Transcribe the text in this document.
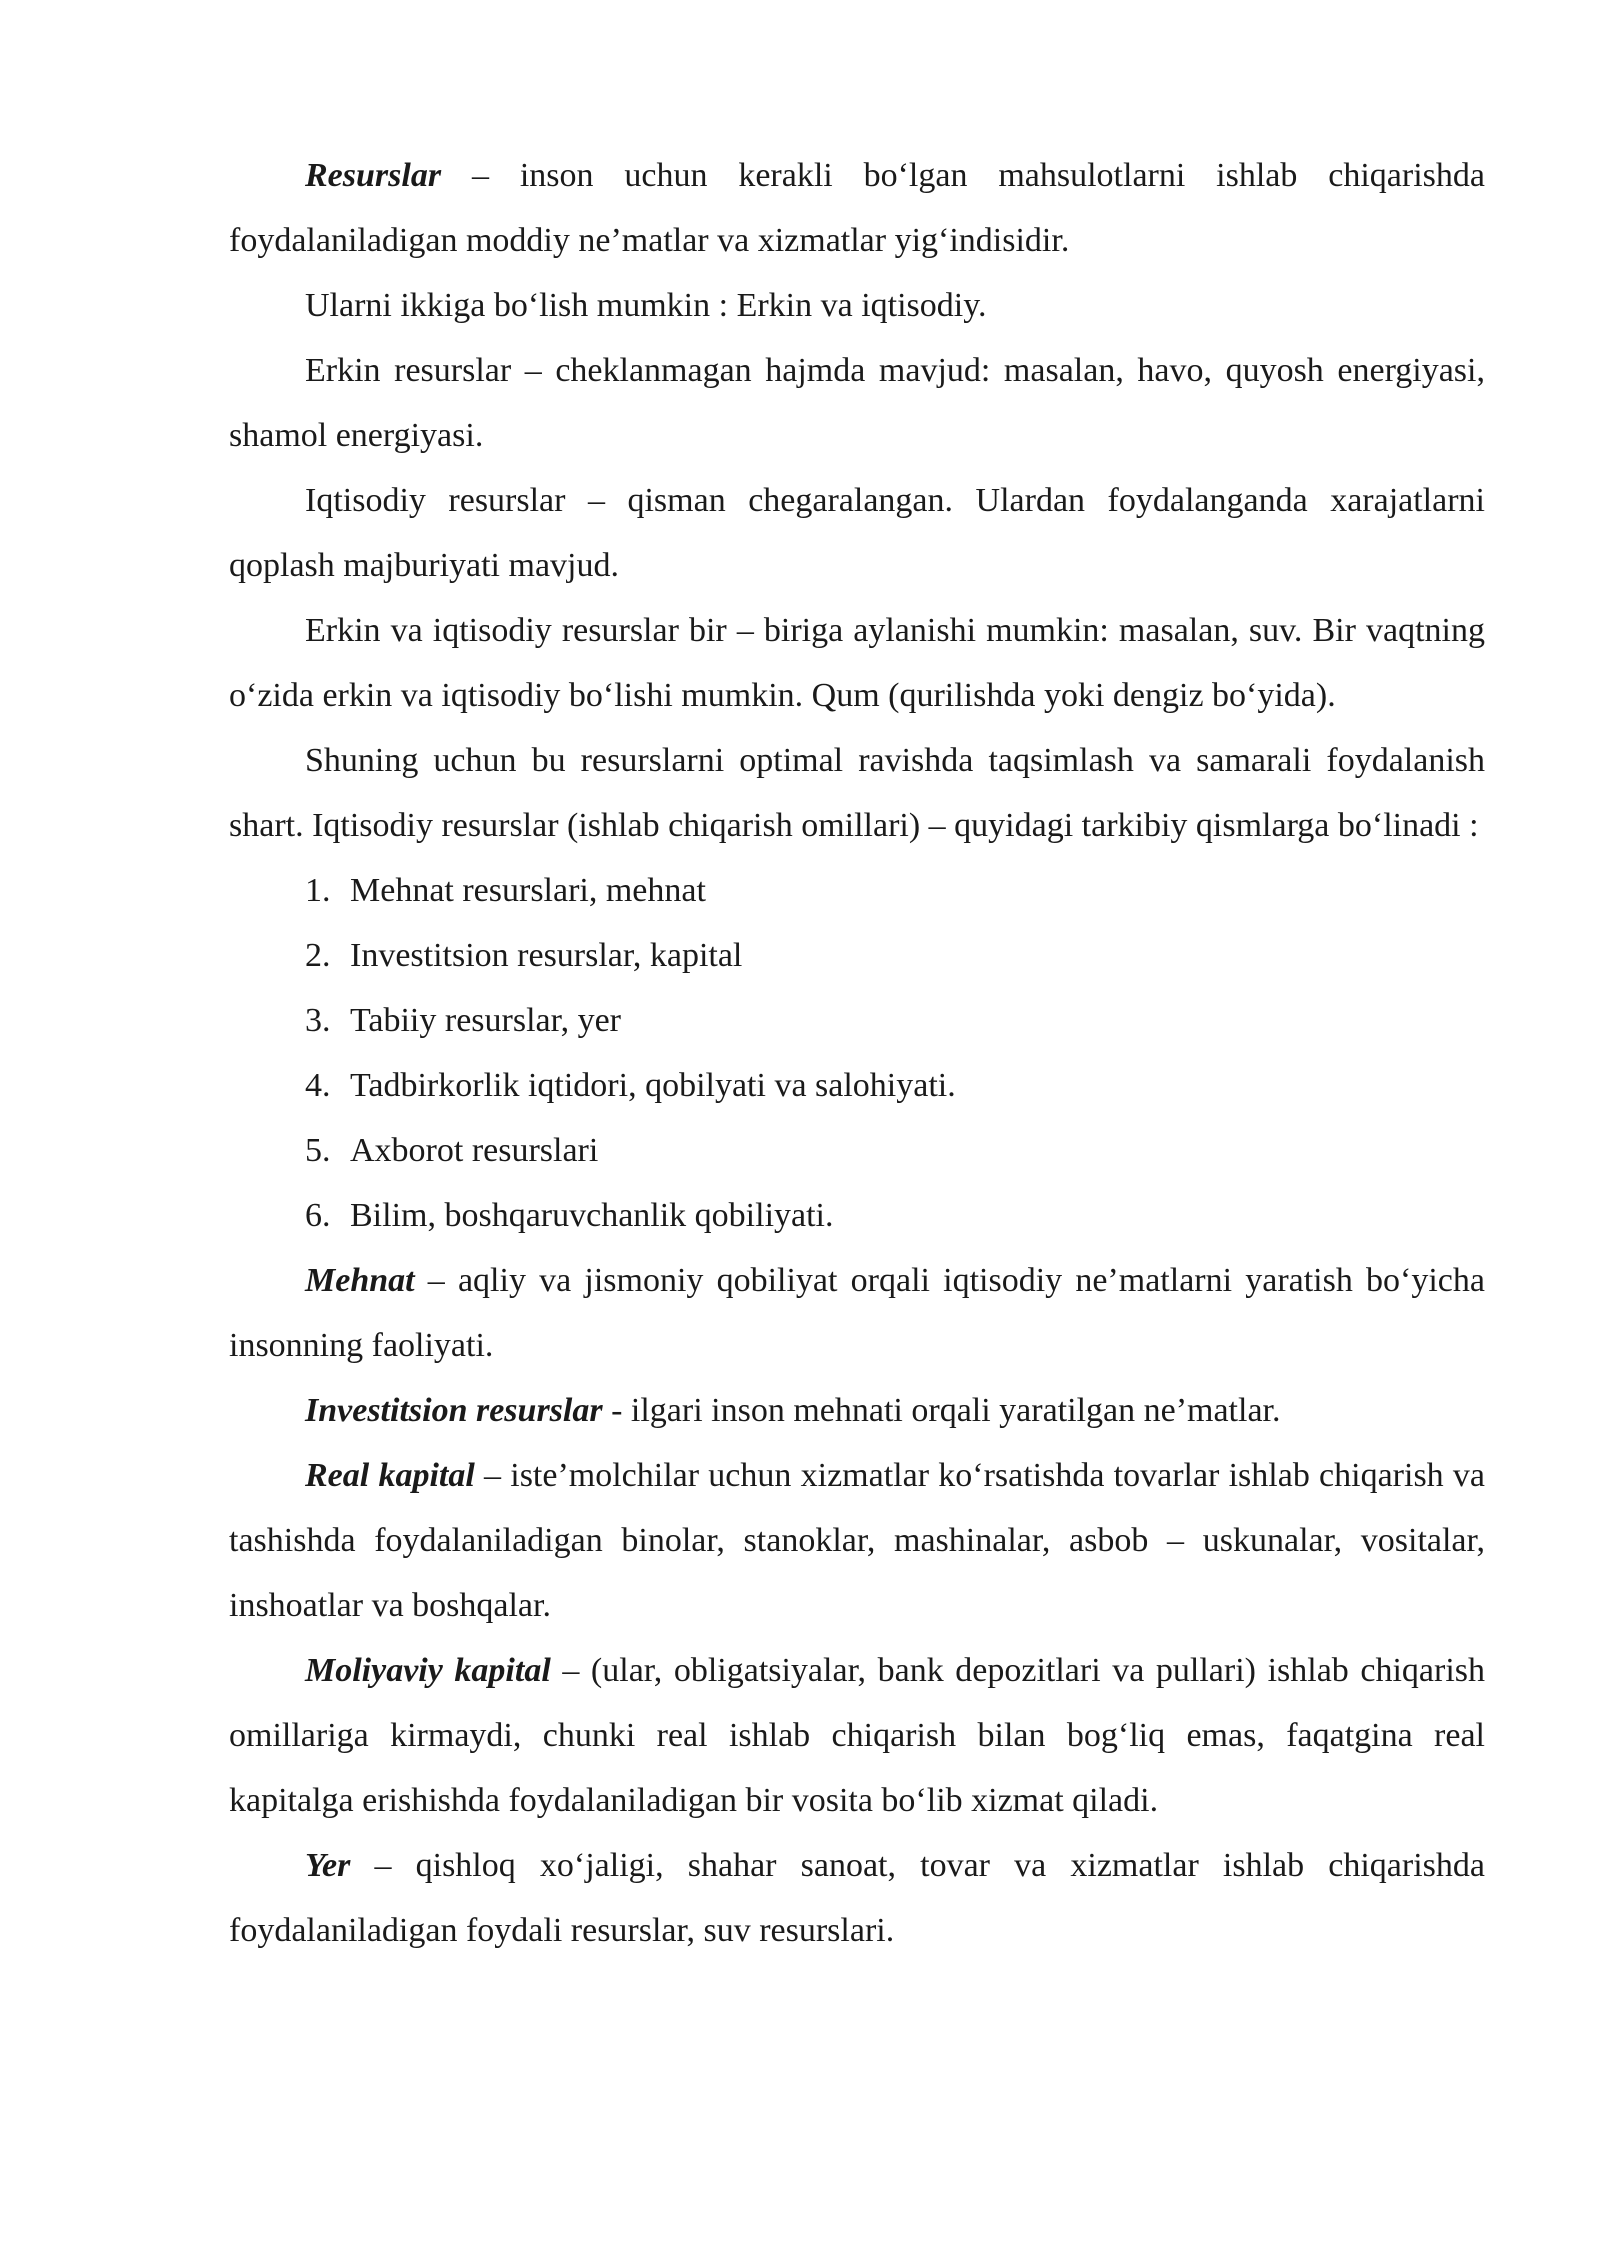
Resurslar – inson uchun kerakli bo‘lgan mahsulotlarni ishlab chiqarishda foydalaniladigan moddiy ne’matlar va xizmatlar yig‘indisidir.

Ularni ikkiga bo‘lish mumkin : Erkin va iqtisodiy.

Erkin resurslar – cheklanmagan hajmda mavjud: masalan, havo, quyosh energiyasi, shamol energiyasi.

Iqtisodiy resurslar – qisman chegaralangan. Ulardan foydalanganda xarajatlarni qoplash majburiyati mavjud.

Erkin va iqtisodiy resurslar bir – biriga aylanishi mumkin: masalan, suv. Bir vaqtning o‘zida erkin va iqtisodiy bo‘lishi mumkin. Qum (qurilishda yoki dengiz bo‘yida).

Shuning uchun bu resurslarni optimal ravishda taqsimlash va samarali foydalanish shart. Iqtisodiy resurslar (ishlab chiqarish omillari) – quyidagi tarkibiy qismlarga bo‘linadi :

1. Mehnat resurslari, mehnat
2. Investitsion resurslar, kapital
3. Tabiiy resurslar, yer
4. Tadbirkorlik iqtidori, qobilyati va salohiyati.
5. Axborot resurslari
6. Bilim, boshqaruvchanlik qobiliyati.

Mehnat – aqliy va jismoniy qobiliyat orqali iqtisodiy ne’matlarni yaratish bo‘yicha insonning faoliyati.

Investitsion resurslar - ilgari inson mehnati orqali yaratilgan ne’matlar.

Real kapital – iste’molchilar uchun xizmatlar ko‘rsatishda tovarlar ishlab chiqarish va tashishda foydalaniladigan binolar, stanoklar, mashinalar, asbob – uskunalar, vositalar, inshoatlar va boshqalar.

Moliyaviy kapital – (ular, obligatsiyalar, bank depozitlari va pullari) ishlab chiqarish omillariga kirmaydi, chunki real ishlab chiqarish bilan bog‘liq emas, faqatgina real kapitalga erishishda foydalaniladigan bir vosita bo‘lib xizmat qiladi.

Yer – qishloq xo‘jaligi, shahar sanoat, tovar va xizmatlar ishlab chiqarishda foydalaniladigan foydali resurslar, suv resurslari.
